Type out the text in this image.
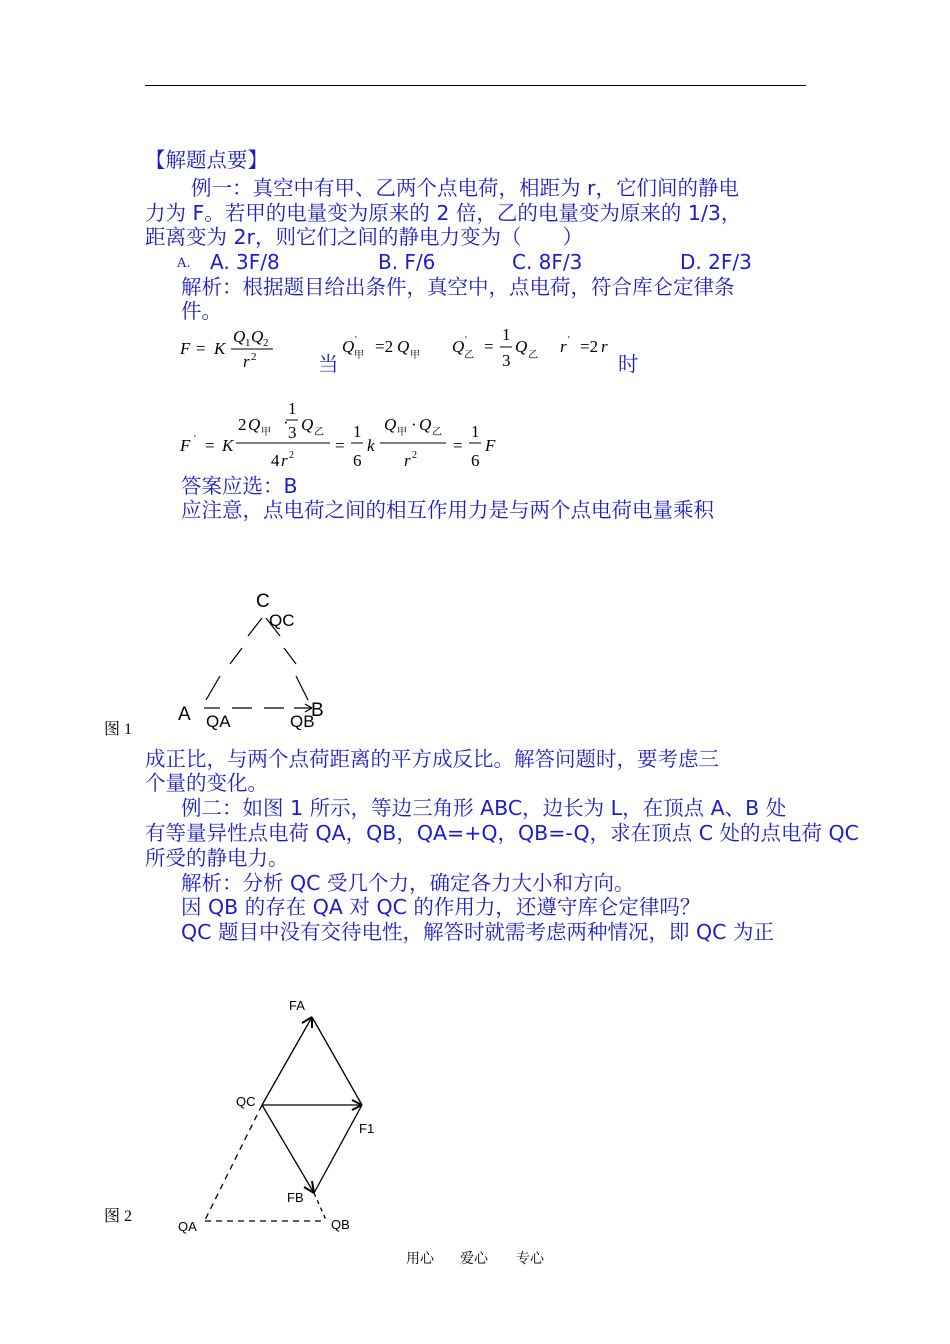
【解题点要】
例一：真空中有甲、乙两个点电荷，相距为 r，它们间的静电
力为 F。若甲的电量变为原来的 2 倍，乙的电量变为原来的 1/3，
距离变为 2r，则它们之间的静电力变为（　　）
A. A. 3F/8	B. F/6	C. 8F/3	D. 2F/3
解析：根据题目给出条件，真空中，点电荷，符合库仑定律条
件。
F = K
Q 1 Q 2
r 2
Q '
甲 =2 Q 甲 Q '
乙 =
1
3
Q 乙 r ' =2 r
当	时
F ' = K
2 Q 甲
·
1
3 Q 乙
4 r 2
=
1
6
k
Q 甲 · Q 乙
r 2
=
1
6
F
答案应选：B
应注意，点电荷之间的相互作用力是与两个点电荷电量乘积
C
QC
A QA
B
QB
图 1
成正比，与两个点荷距离的平方成反比。解答问题时，要考虑三
个量的变化。
例二：如图 1 所示，等边三角形 ABC，边长为 L，在顶点 A、B 处
有等量异性点电荷 QA，QB，QA=+Q，QB=-Q，求在顶点 C 处的点电荷 QC
所受的静电力。
解析：分析 QC 受几个力，确定各力大小和方向。
因 QB 的存在 QA 对 QC 的作用力，还遵守库仑定律吗？
QC 题目中没有交待电性，解答时就需考虑两种情况，即 QC 为正
FA
QC
F1
FB
QA	QB
图 2
用心 爱心 专心
